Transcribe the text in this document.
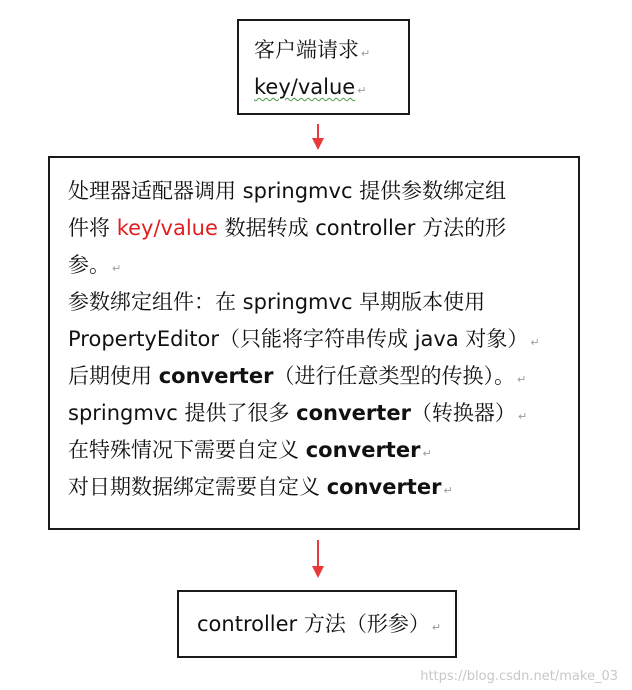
客户端请求 ↵
key/value ↵
处理器适配器调用 springmvc 提供参数绑定组
件将 key/value 数据转成 controller 方法的形
参。 ↵
参数绑定组件：在 springmvc 早期版本使用
PropertyEditor（只能将字符串传成 java 对象） ↵
后期使用 converter（进行任意类型的传换）。 ↵
springmvc 提供了很多 converter（转换器） ↵
在特殊情况下需要自定义 converter ↵
对日期数据绑定需要自定义 converter ↵
controller 方法（形参） ↵
https://blog.csdn.net/make_03
